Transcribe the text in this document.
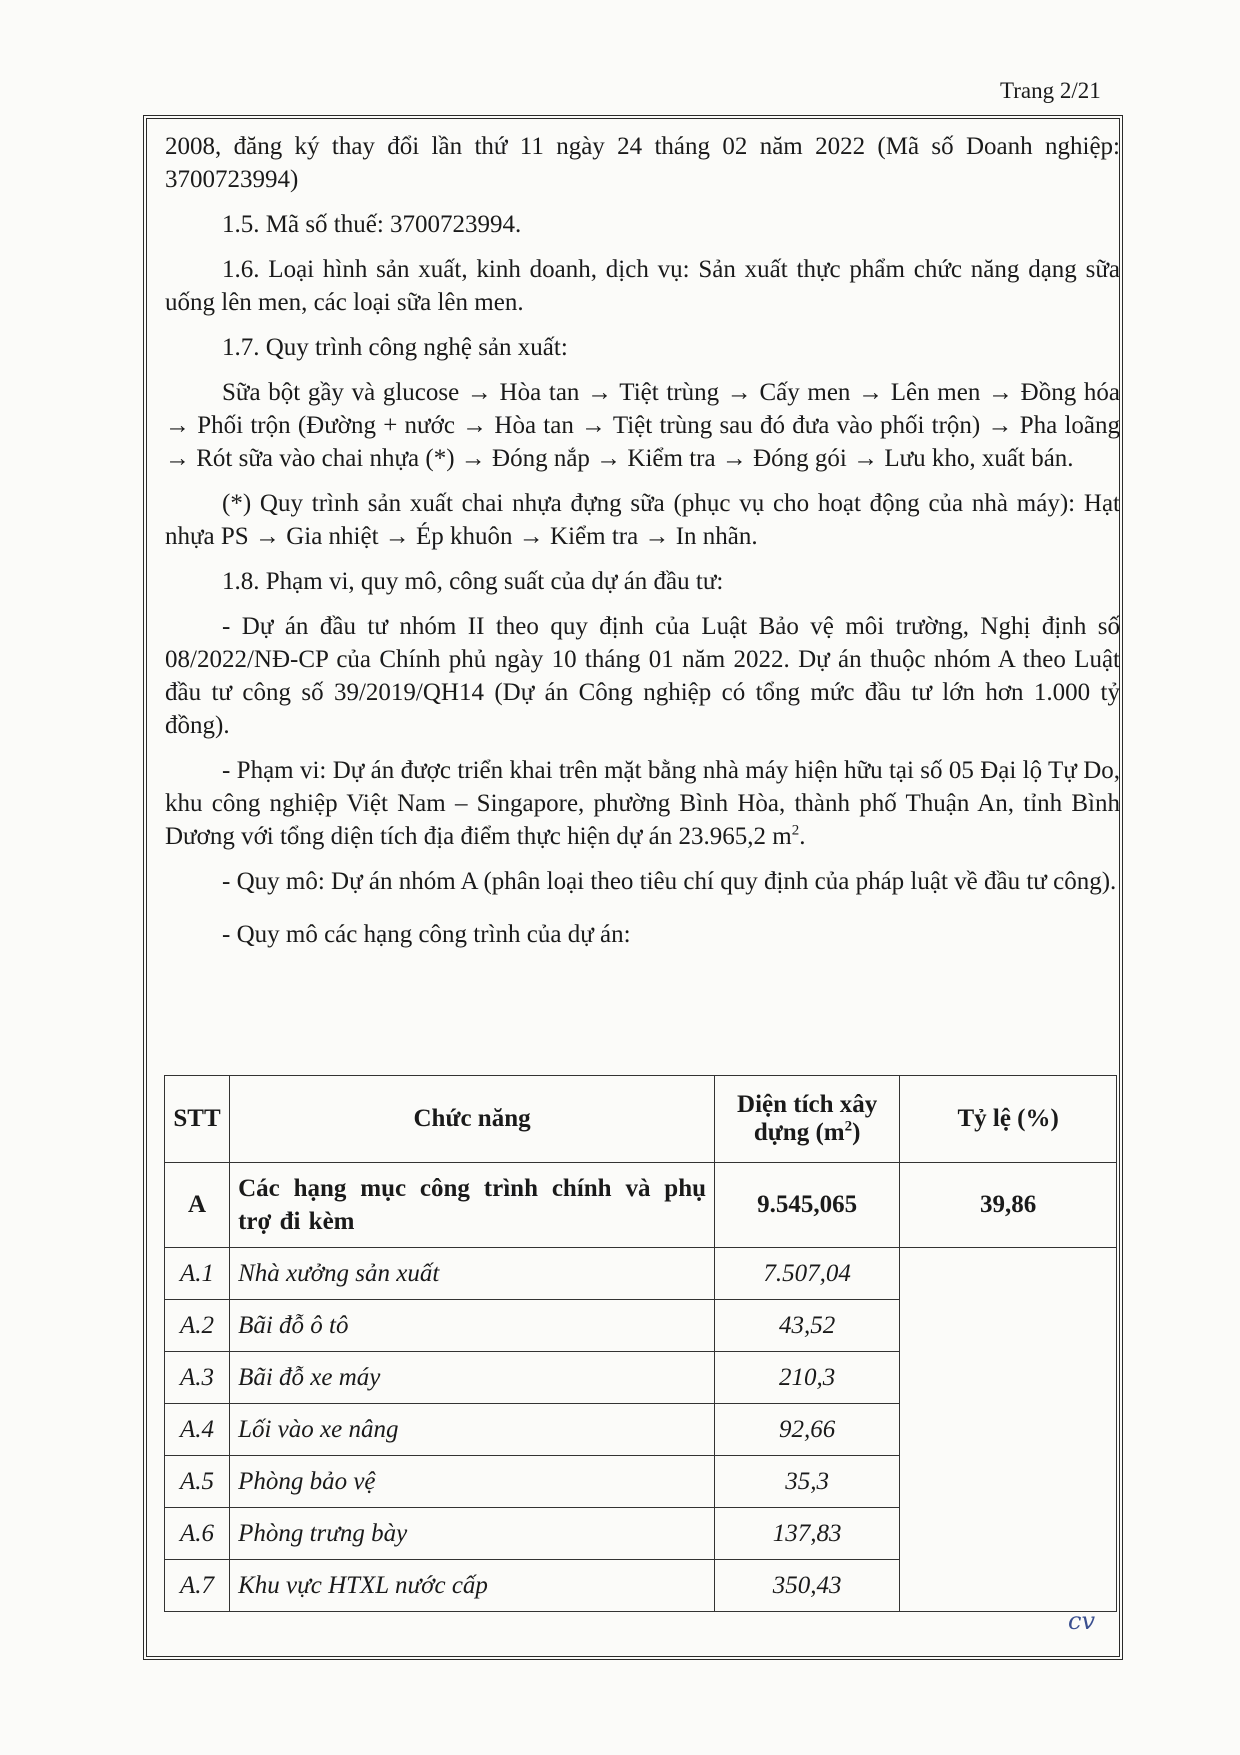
Trang 2/21

2008, đăng ký thay đổi lần thứ 11 ngày 24 tháng 02 năm 2022 (Mã số Doanh nghiệp: 3700723994)

1.5. Mã số thuế: 3700723994.

1.6. Loại hình sản xuất, kinh doanh, dịch vụ: Sản xuất thực phẩm chức năng dạng sữa uống lên men, các loại sữa lên men.

1.7. Quy trình công nghệ sản xuất:

Sữa bột gầy và glucose → Hòa tan → Tiệt trùng → Cấy men → Lên men → Đồng hóa → Phối trộn (Đường + nước → Hòa tan → Tiệt trùng sau đó đưa vào phối trộn) → Pha loãng → Rót sữa vào chai nhựa (*) → Đóng nắp → Kiểm tra → Đóng gói → Lưu kho, xuất bán.

(*) Quy trình sản xuất chai nhựa đựng sữa (phục vụ cho hoạt động của nhà máy): Hạt nhựa PS → Gia nhiệt → Ép khuôn → Kiểm tra → In nhãn.

1.8. Phạm vi, quy mô, công suất của dự án đầu tư:

- Dự án đầu tư nhóm II theo quy định của Luật Bảo vệ môi trường, Nghị định số 08/2022/NĐ-CP của Chính phủ ngày 10 tháng 01 năm 2022. Dự án thuộc nhóm A theo Luật đầu tư công số 39/2019/QH14 (Dự án Công nghiệp có tổng mức đầu tư lớn hơn 1.000 tỷ đồng).

- Phạm vi: Dự án được triển khai trên mặt bằng nhà máy hiện hữu tại số 05 Đại lộ Tự Do, khu công nghiệp Việt Nam – Singapore, phường Bình Hòa, thành phố Thuận An, tỉnh Bình Dương với tổng diện tích địa điểm thực hiện dự án 23.965,2 $m^2$.

- Quy mô: Dự án nhóm A (phân loại theo tiêu chí quy định của pháp luật về đầu tư công).

- Quy mô các hạng công trình của dự án:

STT	Chức năng	Diện tích xây dựng $(m^2)$	Tỷ lệ (%)
A	Các hạng mục công trình chính và phụ trợ đi kèm	9.545,065	39,86
A.1	Nhà xưởng sản xuất	7.507,04	
A.2	Bãi đỗ ô tô	43,52	
A.3	Bãi đỗ xe máy	210,3	
A.4	Lối vào xe nâng	92,66	
A.5	Phòng bảo vệ	35,3	
A.6	Phòng trưng bày	137,83	
A.7	Khu vực HTXL nước cấp	350,43	
cv
